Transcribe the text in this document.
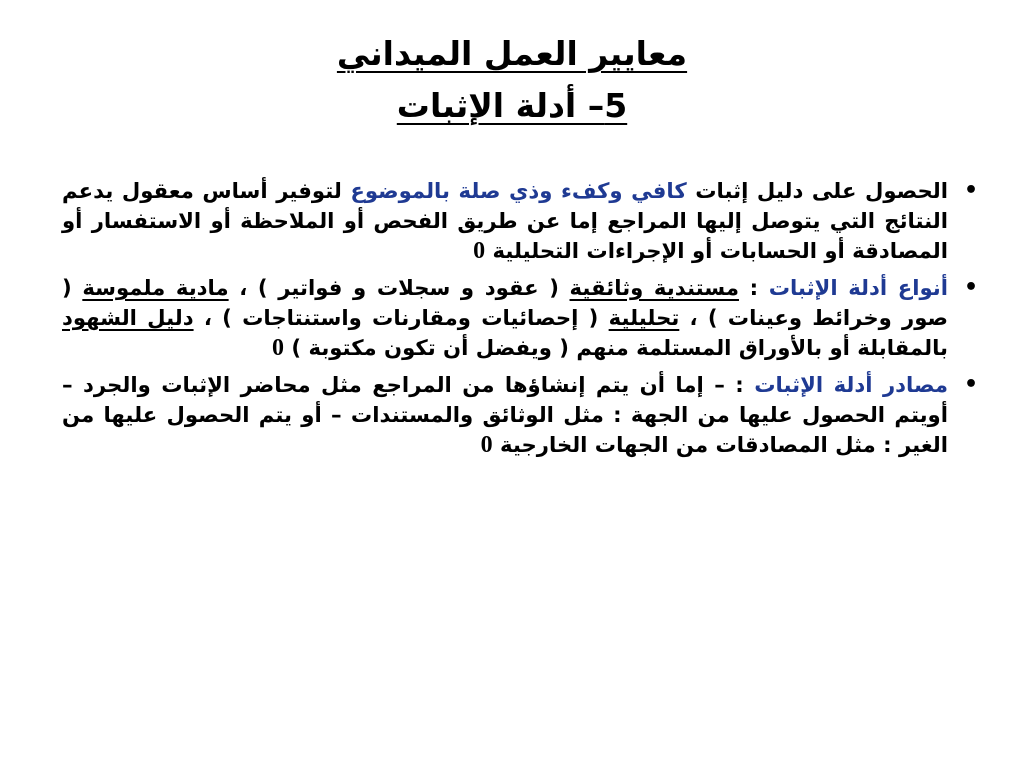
معايير العمل الميداني
5– أدلة الإثبات
•
الحصول على دليل إثبات كافي وكفء وذي صلة بالموضوع لتوفير أساس معقول يدعم النتائج التي يتوصل إليها المراجع إما عن طريق الفحص أو الملاحظة أو الاستفسار أو المصادقة أو الحسابات أو الإجراءات التحليلية 0
•
أنواع أدلة الإثبات : مستندية وثائقية ( عقود و سجلات و فواتير ) ، مادية ملموسة ( صور وخرائط وعينات ) ، تحليلية ( إحصائيات ومقارنات واستنتاجات ) ، دليل الشهود بالمقابلة أو بالأوراق المستلمة منهم ( ويفضل أن تكون مكتوبة ) 0
•
مصادر أدلة الإثبات : – إما أن يتم إنشاؤها من المراجع مثل محاضر الإثبات والجرد – أويتم الحصول عليها من الجهة : مثل الوثائق والمستندات – أو يتم الحصول عليها من الغير : مثل المصادقات من الجهات الخارجية 0
